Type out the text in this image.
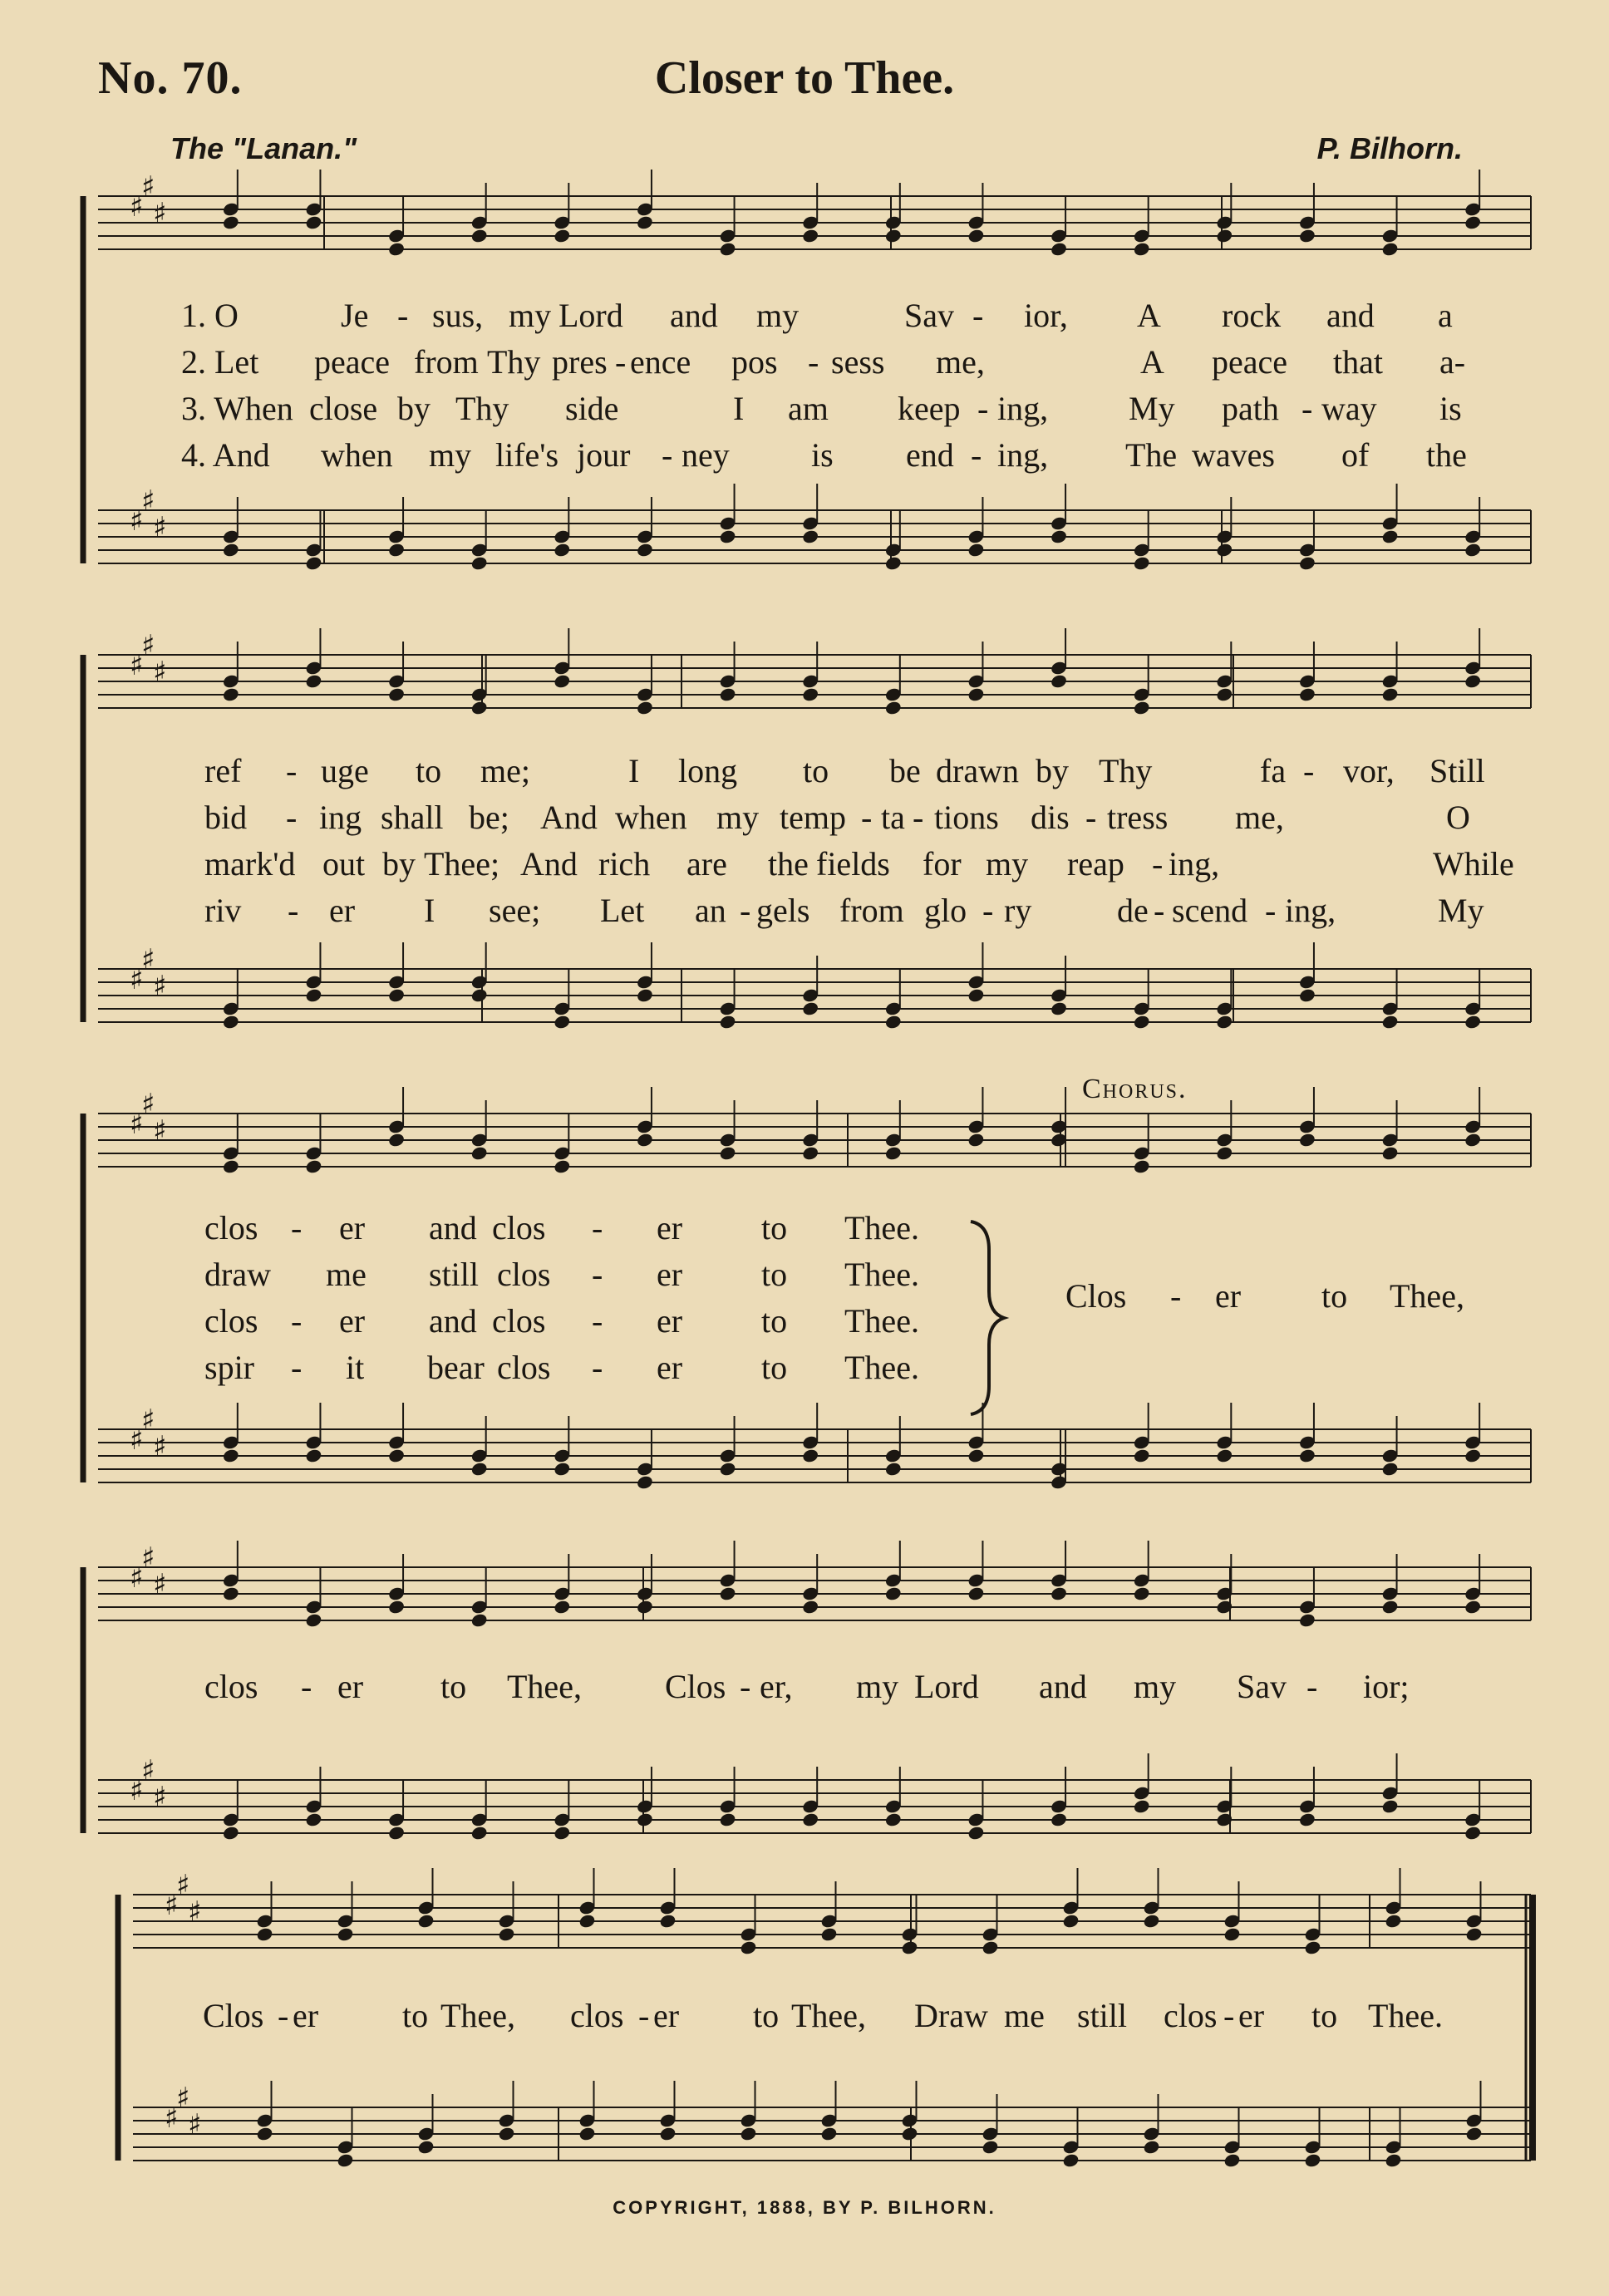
No. 70.	Closer to Thee.
The "Lanan."	P. Bilhorn.
♯
♯
♯
♯
♯
♯
♯
♯
♯
♯
♯
♯
♯
♯
♯
♯
♯
♯
♯
♯
♯
♯
♯
♯
♯
♯
♯
♯
♯
♯
1. O	Je - sus, my Lord and my	Sav - ior, A rock and a
2. Let peace from Thy pres - ence pos - sess me,	A peace that a-
3. When close by Thy side	I am keep - ing, My path - way is
4. And when my life's jour - ney is end - ing, The waves of the
ref - uge to me;	I long to be drawn by Thy	fa - vor, Still
bid - ing shall be; And when my temp - ta - tions dis - tress me,	O
mark'd out by Thee; And rich are the fields for my reap - ing,	While
riv - er I see; Let an - gels from glo - ry	de - scend - ing,	My
clos - er and clos - er to Thee.
draw me still clos - er to Thee.
clos - er and clos - er to Thee.
spir - it bear clos - er to Thee.
Chorus.
Clos - er to Thee,
clos - er to Thee,	Clos - er, my Lord and my Sav - ior;
Clos - er	to Thee, clos - er to Thee, Draw me still clos - er to Thee.
COPYRIGHT, 1888, BY P. BILHORN.
